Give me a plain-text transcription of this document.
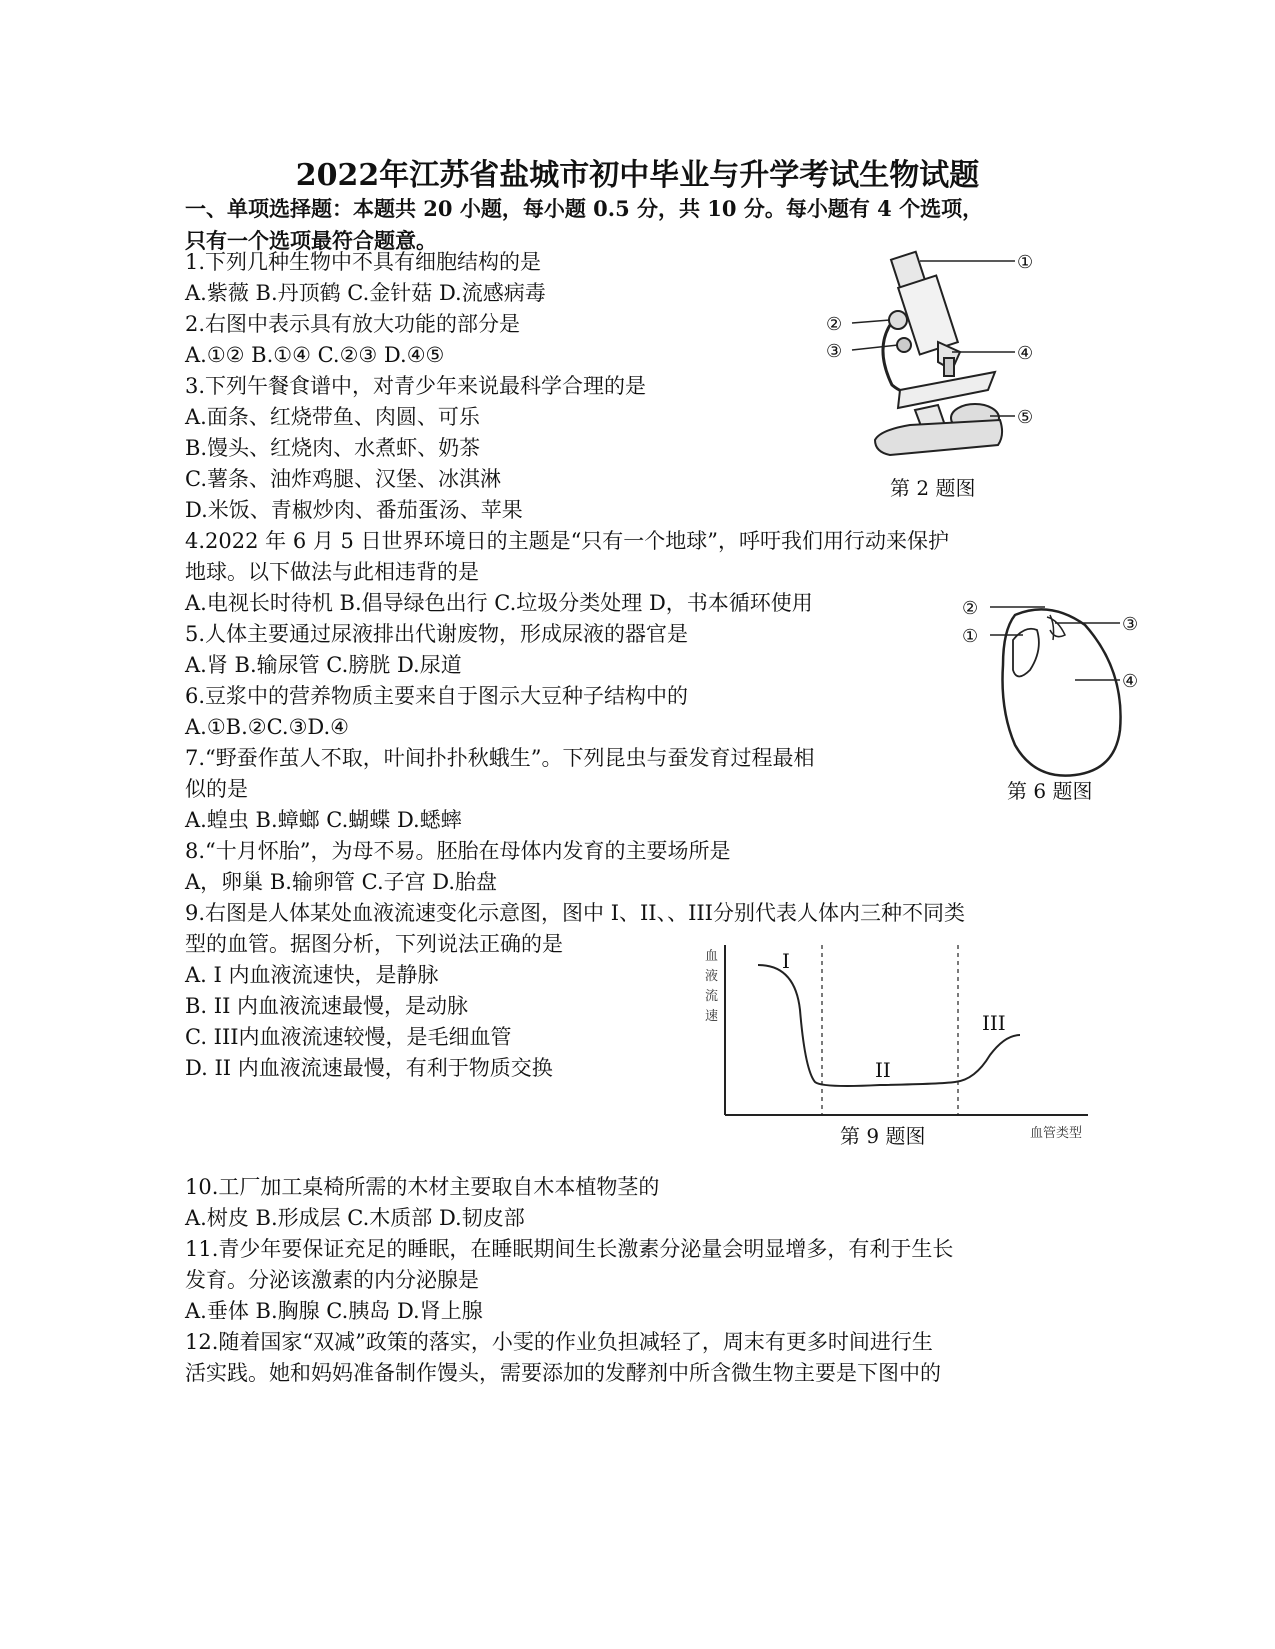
2022年江苏省盐城市初中毕业与升学考试生物试题
一、单项选择题：本题共 20 小题，每小题 0.5 分，共 10 分。每小题有 4 个选项，
只有一个选项最符合题意。
1.下列几种生物中不具有细胞结构的是
A.紫薇 B.丹顶鹤 C.金针菇 D.流感病毒
2.右图中表示具有放大功能的部分是
A.①② B.①④ C.②③ D.④⑤
3.下列午餐食谱中，对青少年来说最科学合理的是
A.面条、红烧带鱼、肉圆、可乐
B.馒头、红烧肉、水煮虾、奶茶
C.薯条、油炸鸡腿、汉堡、冰淇淋
D.米饭、青椒炒肉、番茄蛋汤、苹果
4.2022 年 6 月 5 日世界环境日的主题是“只有一个地球”，呼吁我们用行动来保护
地球。以下做法与此相违背的是
A.电视长时待机 B.倡导绿色出行 C.垃圾分类处理 D，书本循环使用
5.人体主要通过尿液排出代谢废物，形成尿液的器官是
A.肾 B.输尿管 C.膀胱 D.尿道
6.豆浆中的营养物质主要来自于图示大豆种子结构中的
A.①B.②C.③D.④
7.“野蚕作茧人不取，叶间扑扑秋蛾生”。下列昆虫与蚕发育过程最相
似的是
A.蝗虫 B.蟑螂 C.蝴蝶 D.蟋蟀
8.“十月怀胎”，为母不易。胚胎在母体内发育的主要场所是
A，卵巢 B.输卵管 C.子宫 D.胎盘
9.右图是人体某处血液流速变化示意图，图中 I、II、、III分别代表人体内三种不同类
型的血管。据图分析，下列说法正确的是
A. I 内血液流速快，是静脉
B. II 内血液流速最慢，是动脉
C. III内血液流速较慢，是毛细血管
D. II 内血液流速最慢，有利于物质交换
10.工厂加工桌椅所需的木材主要取自木本植物茎的
A.树皮 B.形成层 C.木质部 D.韧皮部
11.青少年要保证充足的睡眠，在睡眠期间生长激素分泌量会明显增多，有利于生长
发育。分泌该激素的内分泌腺是
A.垂体 B.胸腺 C.胰岛 D.肾上腺
12.随着国家“双减”政策的落实，小雯的作业负担减轻了，周末有更多时间进行生
活实践。她和妈妈准备制作馒头，需要添加的发酵剂中所含微生物主要是下图中的
①
②
③	④
⑤
第 2 题图
②
①
③
④
第 6 题图
血
液
流
速
血管类型
I
II
III
第 9 题图
